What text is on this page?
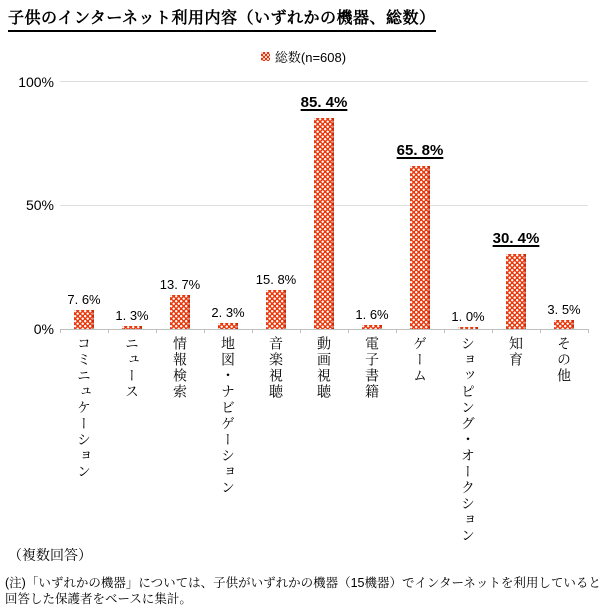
子供のインターネット利用内容（いずれかの機器、総数）
総数(n=608)
100%
50%
0%
7. 6%
コミニュケーション
1. 3%
ニュース
13. 7%
情報検索
2. 3%
地図・ナビゲーション
15. 8%
音楽視聴
85. 4%
動画視聴
1. 6%
電子書籍
65. 8%
ゲーム
1. 0%
ショッピング・オークション
30. 4%
知育
3. 5%
その他
（複数回答）
(注)「いずれかの機器」については、子供がいずれかの機器（15機器）でインターネットを利用していると回答した保護者をベースに集計。
